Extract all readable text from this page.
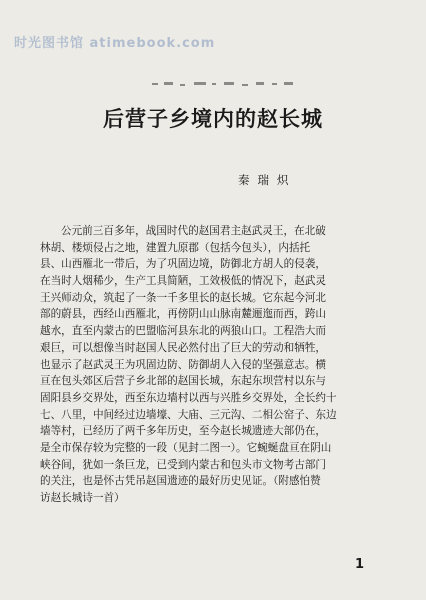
时光图书馆 atimebook.com
后营子乡境内的赵长城
秦瑞炽
公元前三百多年，战国时代的赵国君主赵武灵王，在北破
林胡、楼烦侵占之地，建置九原郡（包括今包头），内括托
县、山西雁北一带后，为了巩固边境，防御北方胡人的侵袭，
在当时人烟稀少，生产工具简陋，工效极低的情况下，赵武灵
王兴师动众，筑起了一条一千多里长的赵长城。它东起今河北
部的蔚县，西经山西雁北，再傍阴山山脉南麓逦迤而西，跨山
越水，直至内蒙古的巴盟临河县东北的两狼山口。工程浩大而
艰巨，可以想像当时赵国人民必然付出了巨大的劳动和牺牲，
也显示了赵武灵王为巩固边防、防御胡人入侵的坚强意志。横
亘在包头郊区后营子乡北部的赵国长城，东起东坝营村以东与
固阳县乡交界处，西至东边墙村以西与兴胜乡交界处，全长约十
七、八里，中间经过边墙壕、大庙、三元沟、二相公窑子、东边
墙等村，已经历了两千多年历史，至今赵长城遗迹大部仍在，
是全市保存较为完整的一段（见封二图一）。它蜿蜒盘亘在阴山
峡谷间，犹如一条巨龙，已受到内蒙古和包头市文物考古部门
的关注，也是怀古凭吊赵国遗迹的最好历史见证。（附感怕赞
访赵长城诗一首）
1
